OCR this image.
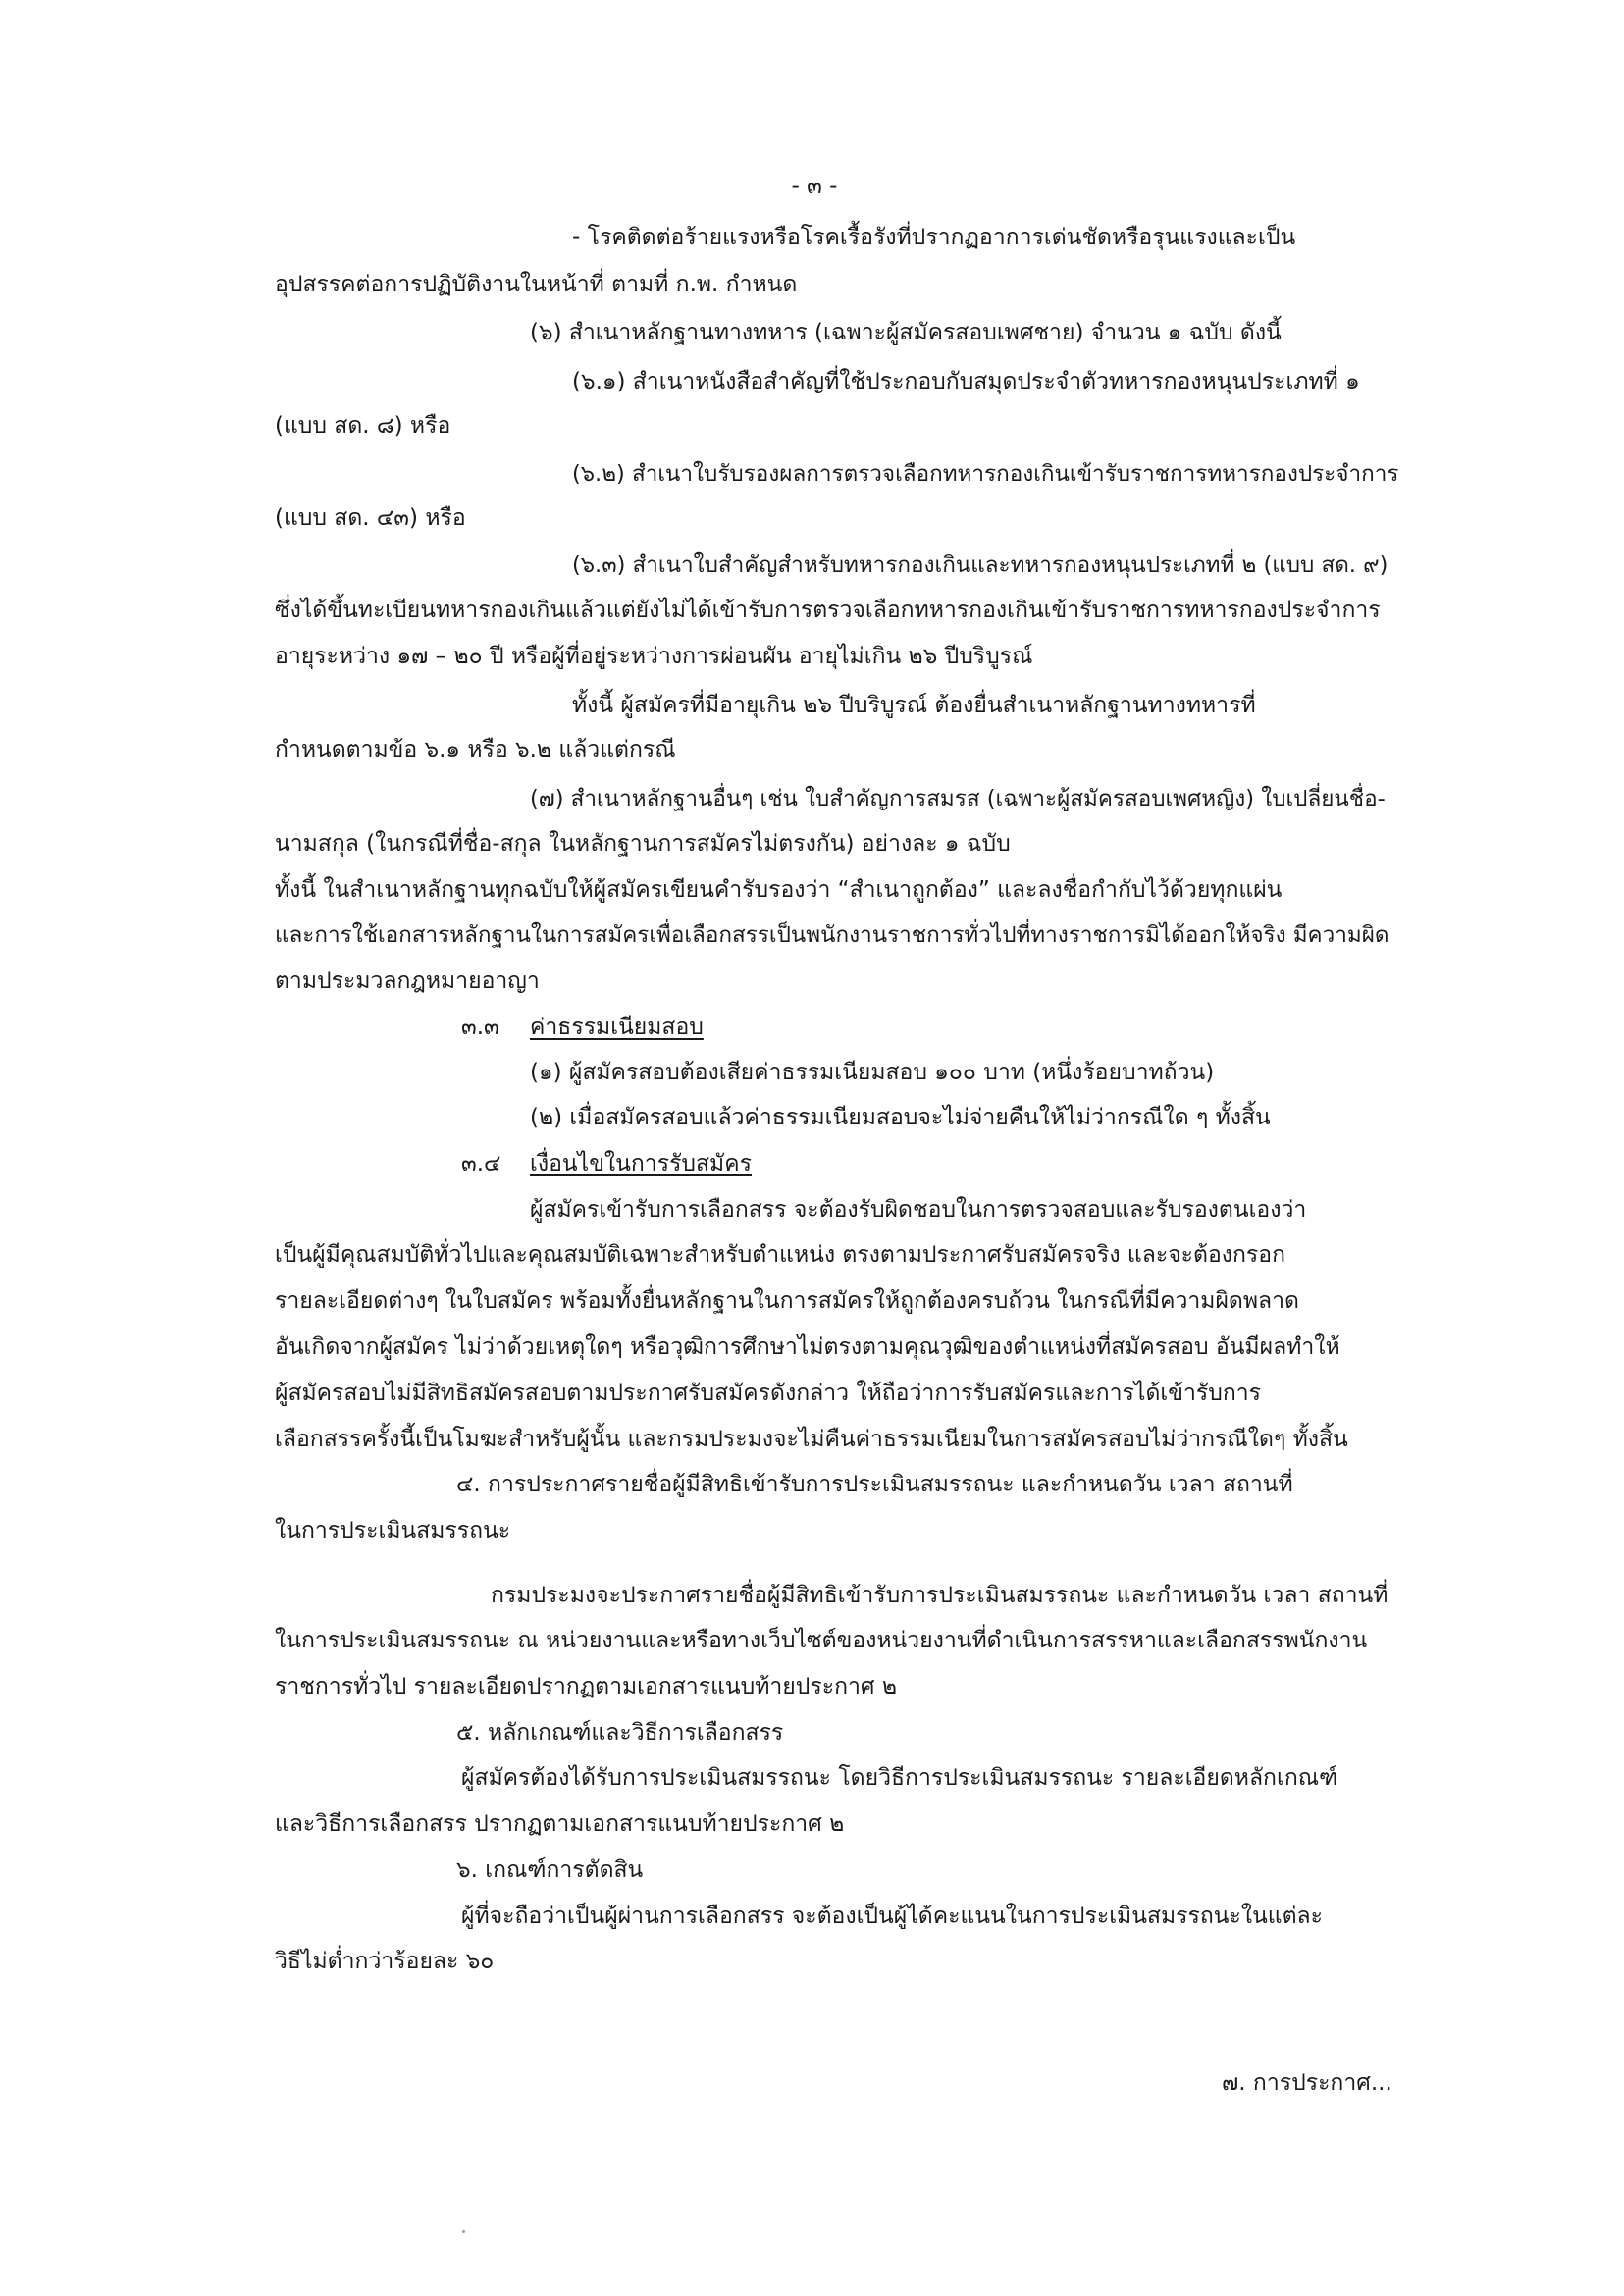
- ๓ -
- โรคติดต่อร้ายแรงหรือโรคเรื้อรังที่ปรากฏอาการเด่นชัดหรือรุนแรงและเป็น
อุปสรรคต่อการปฏิบัติงานในหน้าที่ ตามที่ ก.พ. กำหนด
(๖) สำเนาหลักฐานทางทหาร (เฉพาะผู้สมัครสอบเพศชาย) จำนวน ๑ ฉบับ ดังนี้
(๖.๑) สำเนาหนังสือสำคัญที่ใช้ประกอบกับสมุดประจำตัวทหารกองหนุนประเภทที่ ๑
(แบบ สด. ๘) หรือ
(๖.๒) สำเนาใบรับรองผลการตรวจเลือกทหารกองเกินเข้ารับราชการทหารกองประจำการ
(แบบ สด. ๔๓) หรือ
(๖.๓) สำเนาใบสำคัญสำหรับทหารกองเกินและทหารกองหนุนประเภทที่ ๒ (แบบ สด. ๙)
ซึ่งได้ขึ้นทะเบียนทหารกองเกินแล้วแต่ยังไม่ได้เข้ารับการตรวจเลือกทหารกองเกินเข้ารับราชการทหารกองประจำการ
อายุระหว่าง ๑๗ – ๒๐ ปี หรือผู้ที่อยู่ระหว่างการผ่อนผัน อายุไม่เกิน ๒๖ ปีบริบูรณ์
ทั้งนี้ ผู้สมัครที่มีอายุเกิน ๒๖ ปีบริบูรณ์ ต้องยื่นสำเนาหลักฐานทางทหารที่
กำหนดตามข้อ ๖.๑ หรือ ๖.๒ แล้วแต่กรณี
(๗) สำเนาหลักฐานอื่นๆ เช่น ใบสำคัญการสมรส (เฉพาะผู้สมัครสอบเพศหญิง) ใบเปลี่ยนชื่อ-
นามสกุล (ในกรณีที่ชื่อ-สกุล ในหลักฐานการสมัครไม่ตรงกัน) อย่างละ ๑ ฉบับ
ทั้งนี้ ในสำเนาหลักฐานทุกฉบับให้ผู้สมัครเขียนคำรับรองว่า “สำเนาถูกต้อง” และลงชื่อกำกับไว้ด้วยทุกแผ่น
และการใช้เอกสารหลักฐานในการสมัครเพื่อเลือกสรรเป็นพนักงานราชการทั่วไปที่ทางราชการมิได้ออกให้จริง มีความผิด
ตามประมวลกฎหมายอาญา
๓.๓ ค่าธรรมเนียมสอบ
(๑) ผู้สมัครสอบต้องเสียค่าธรรมเนียมสอบ ๑๐๐ บาท (หนึ่งร้อยบาทถ้วน)
(๒) เมื่อสมัครสอบแล้วค่าธรรมเนียมสอบจะไม่จ่ายคืนให้ไม่ว่ากรณีใด ๆ ทั้งสิ้น
๓.๔ เงื่อนไขในการรับสมัคร
ผู้สมัครเข้ารับการเลือกสรร จะต้องรับผิดชอบในการตรวจสอบและรับรองตนเองว่า
เป็นผู้มีคุณสมบัติทั่วไปและคุณสมบัติเฉพาะสำหรับตำแหน่ง ตรงตามประกาศรับสมัครจริง และจะต้องกรอก
รายละเอียดต่างๆ ในใบสมัคร พร้อมทั้งยื่นหลักฐานในการสมัครให้ถูกต้องครบถ้วน ในกรณีที่มีความผิดพลาด
อันเกิดจากผู้สมัคร ไม่ว่าด้วยเหตุใดๆ หรือวุฒิการศึกษาไม่ตรงตามคุณวุฒิของตำแหน่งที่สมัครสอบ อันมีผลทำให้
ผู้สมัครสอบไม่มีสิทธิสมัครสอบตามประกาศรับสมัครดังกล่าว ให้ถือว่าการรับสมัครและการได้เข้ารับการ
เลือกสรรครั้งนี้เป็นโมฆะสำหรับผู้นั้น และกรมประมงจะไม่คืนค่าธรรมเนียมในการสมัครสอบไม่ว่ากรณีใดๆ ทั้งสิ้น
๔. การประกาศรายชื่อผู้มีสิทธิเข้ารับการประเมินสมรรถนะ และกำหนดวัน เวลา สถานที่
ในการประเมินสมรรถนะ
กรมประมงจะประกาศรายชื่อผู้มีสิทธิเข้ารับการประเมินสมรรถนะ และกำหนดวัน เวลา สถานที่
ในการประเมินสมรรถนะ ณ หน่วยงานและหรือทางเว็บไซต์ของหน่วยงานที่ดำเนินการสรรหาและเลือกสรรพนักงาน
ราชการทั่วไป รายละเอียดปรากฏตามเอกสารแนบท้ายประกาศ ๒
๕. หลักเกณฑ์และวิธีการเลือกสรร
ผู้สมัครต้องได้รับการประเมินสมรรถนะ โดยวิธีการประเมินสมรรถนะ รายละเอียดหลักเกณฑ์
และวิธีการเลือกสรร ปรากฏตามเอกสารแนบท้ายประกาศ ๒
๖. เกณฑ์การตัดสิน
ผู้ที่จะถือว่าเป็นผู้ผ่านการเลือกสรร จะต้องเป็นผู้ได้คะแนนในการประเมินสมรรถนะในแต่ละ
วิธีไม่ต่ำกว่าร้อยละ ๖๐
๗. การประกาศ...
